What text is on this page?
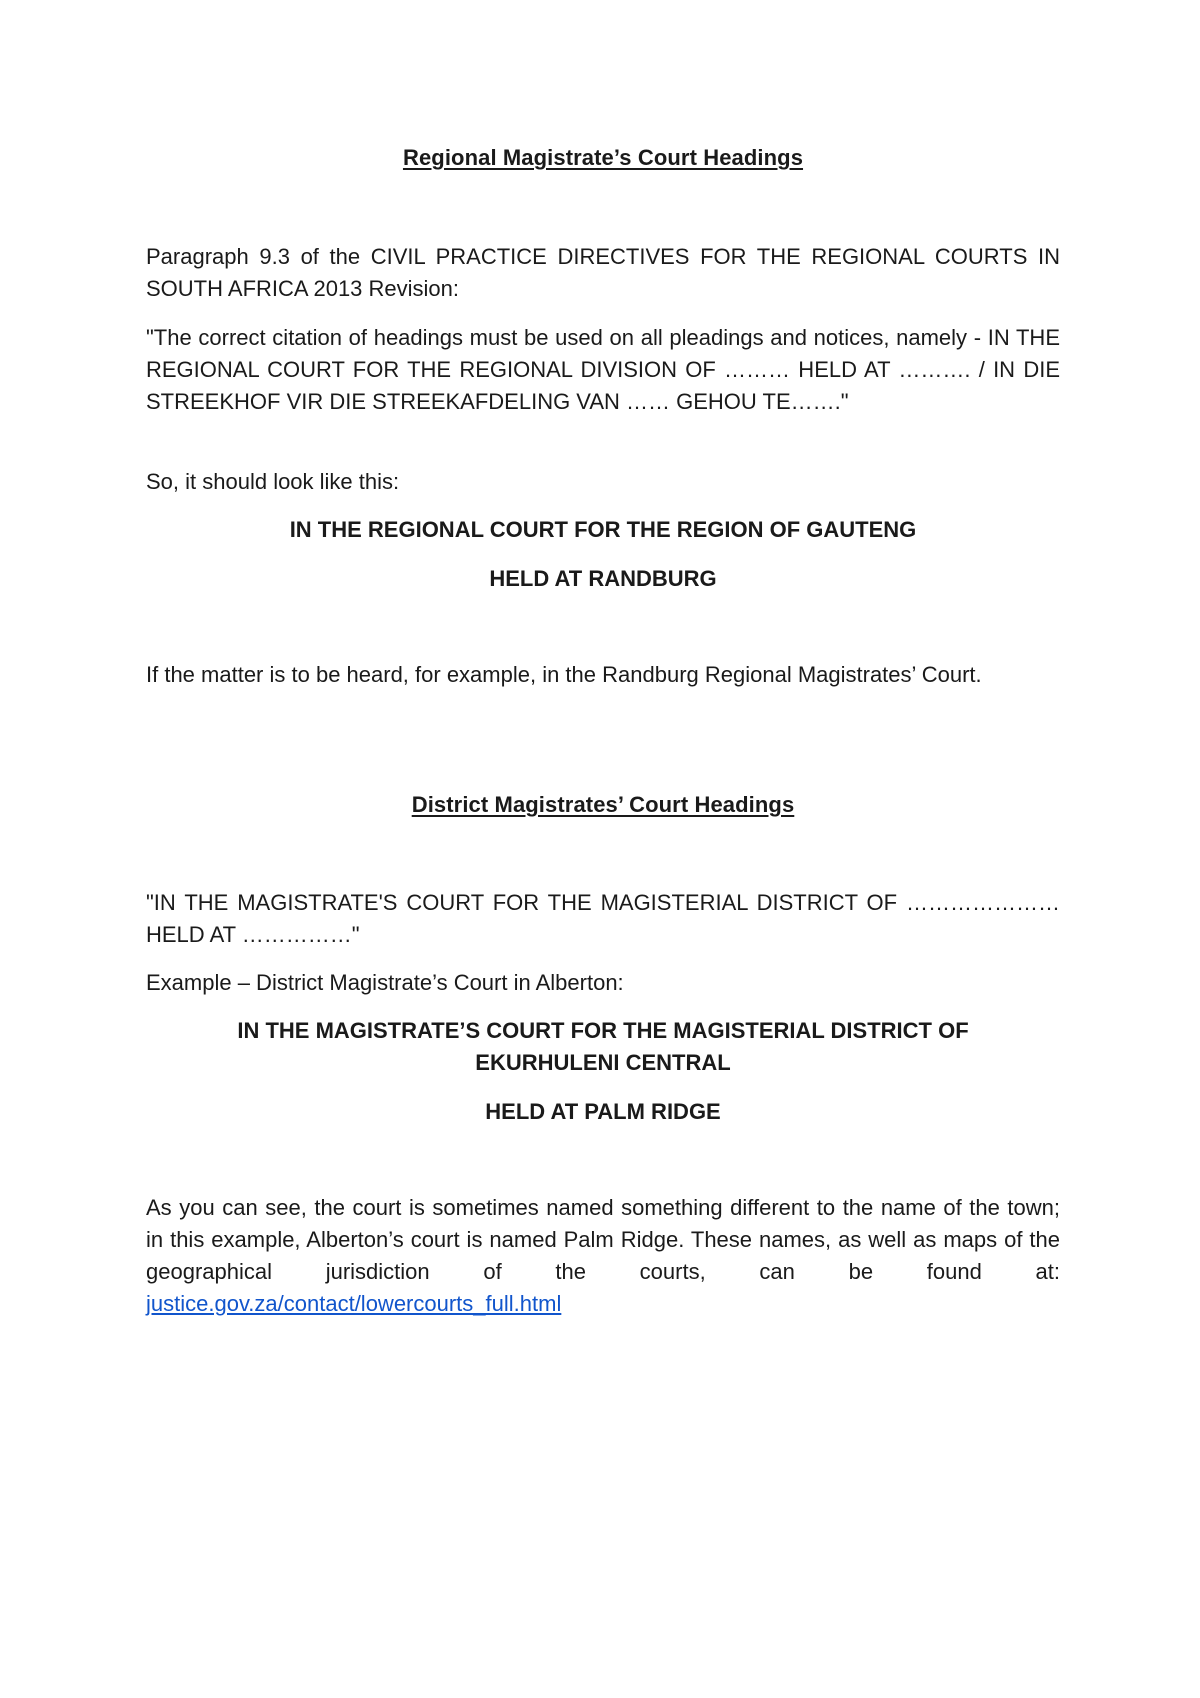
Regional Magistrate’s Court Headings

Paragraph 9.3 of the CIVIL PRACTICE DIRECTIVES FOR THE REGIONAL COURTS IN SOUTH AFRICA 2013 Revision:

"The correct citation of headings must be used on all pleadings and notices, namely - IN THE REGIONAL COURT FOR THE REGIONAL DIVISION OF ……… HELD AT ………. / IN DIE STREEKHOF VIR DIE STREEKAFDELING VAN …… GEHOU TE……."

So, it should look like this:

IN THE REGIONAL COURT FOR THE REGION OF GAUTENG

HELD AT RANDBURG

If the matter is to be heard, for example, in the Randburg Regional Magistrates’ Court.

District Magistrates’ Court Headings

"IN THE MAGISTRATE'S COURT FOR THE MAGISTERIAL DISTRICT OF ………………… HELD AT ……………"

Example – District Magistrate’s Court in Alberton:

IN THE MAGISTRATE’S COURT FOR THE MAGISTERIAL DISTRICT OF

EKURHULENI CENTRAL

HELD AT PALM RIDGE

As you can see, the court is sometimes named something different to the name of the town; in this example, Alberton’s court is named Palm Ridge. These names, as well as maps of the geographical jurisdiction of the courts, can be found at: justice.gov.za/contact/lowercourts_full.html
